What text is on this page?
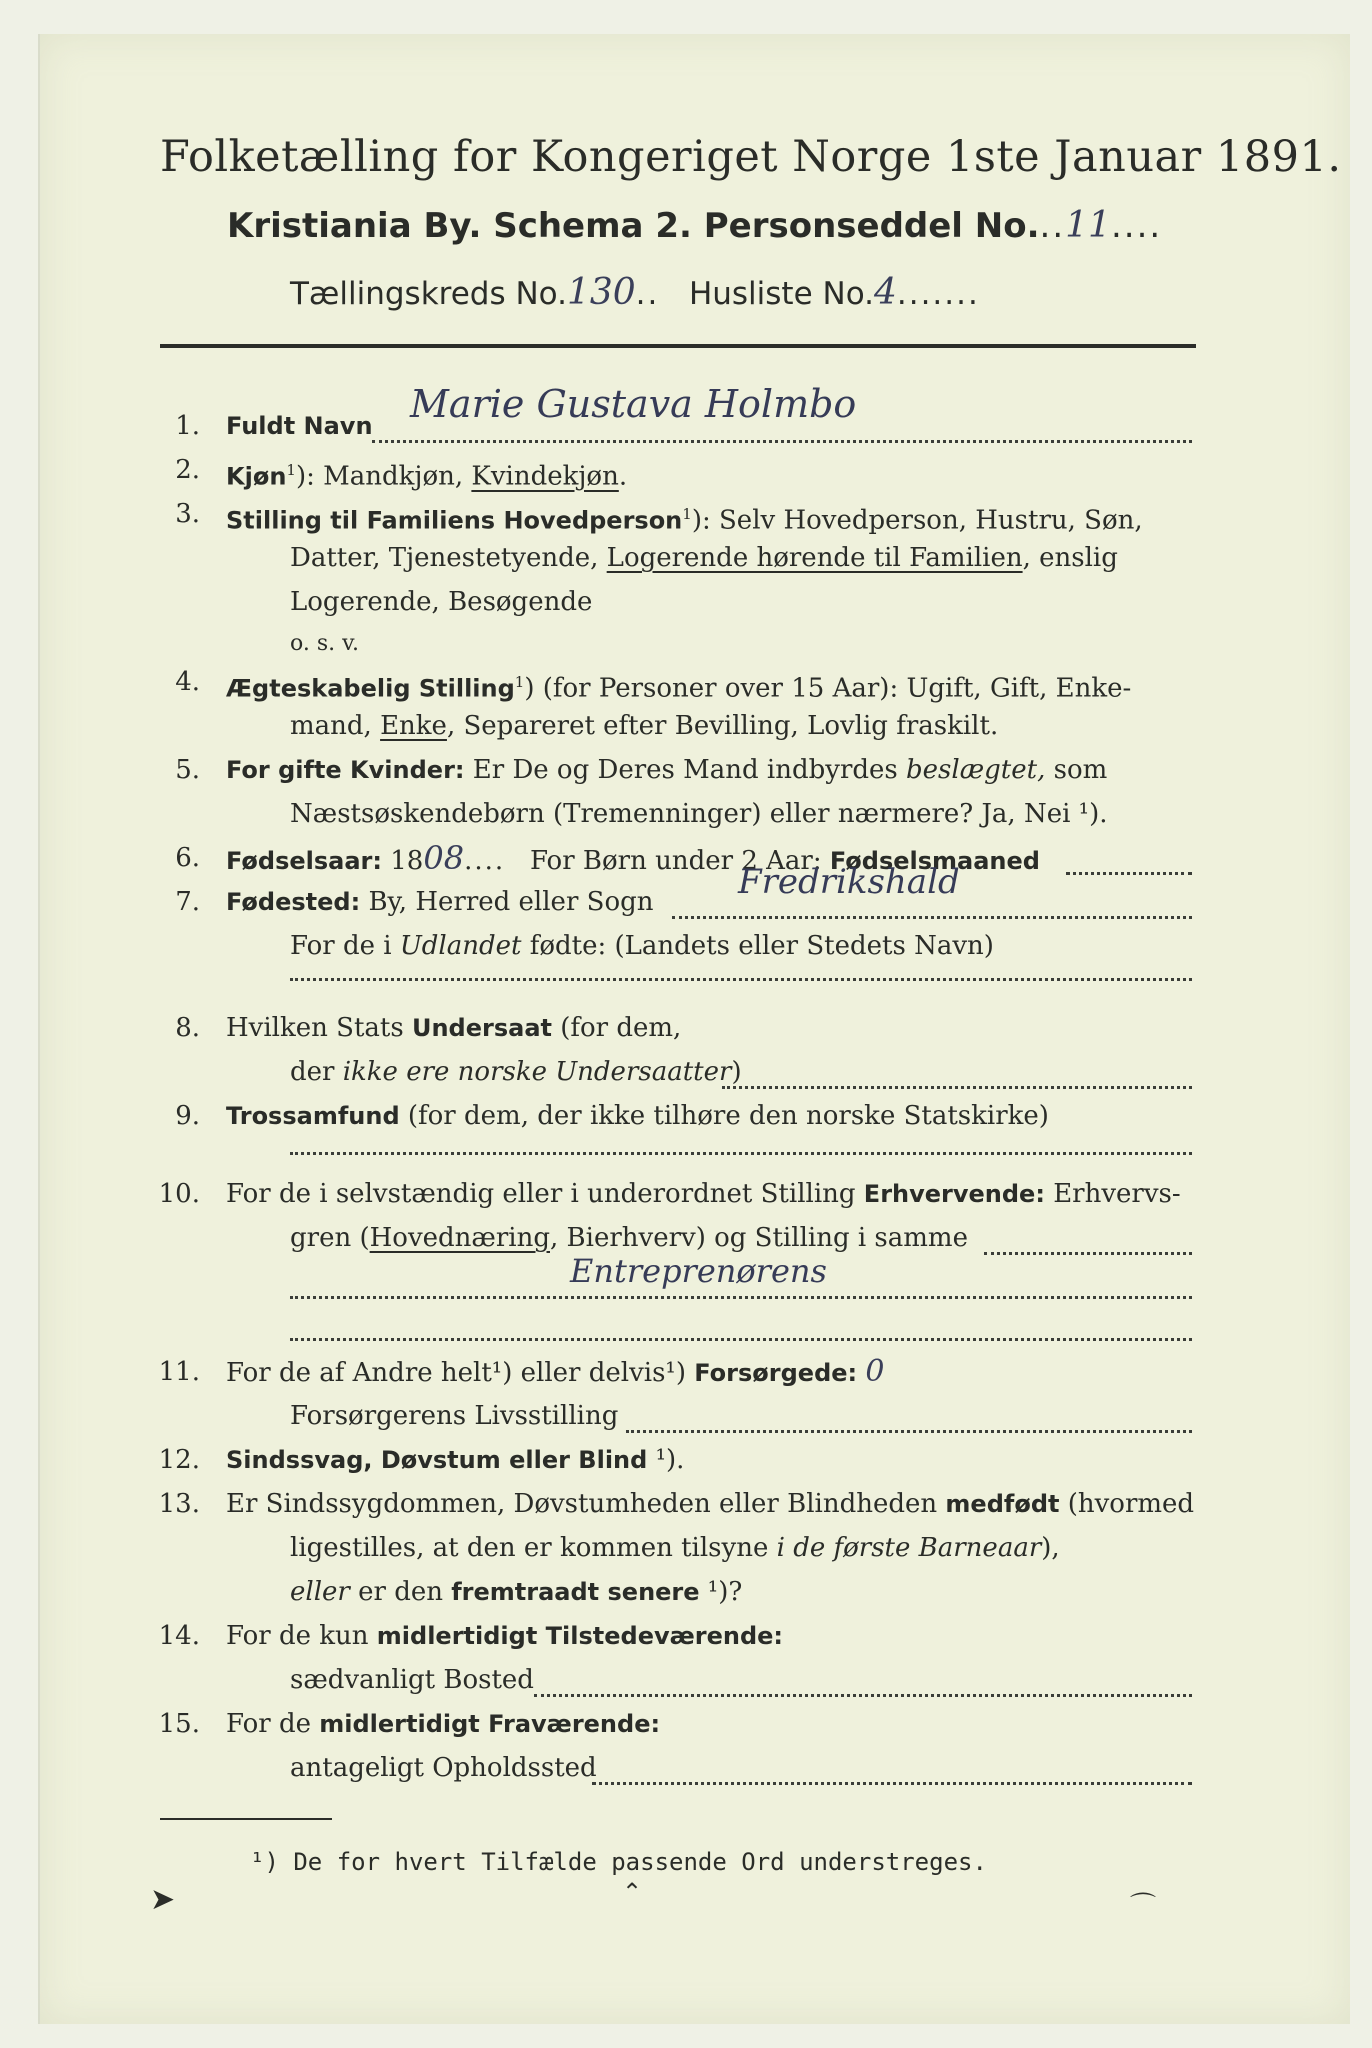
Folketælling for Kongeriget Norge 1ste Januar 1891.
Kristiania By. Schema 2. Personseddel No...11....
Tællingskreds No.130.. Husliste No.4.......
1. Fuldt Navn Marie Gustava Holmbo
2. Kjøn$^1$): Mandkjøn, Kvindekjøn.
3. Stilling til Familiens Hovedperson$^1$): Selv Hovedperson, Hustru, Søn,
Datter, Tjenestetyende, Logerende hørende til Familien, enslig
Logerende, Besøgende
o. s. v.
4. Ægteskabelig Stilling$^1$) (for Personer over 15 Aar): Ugift, Gift, Enke-
mand, Enke, Separeret efter Bevilling, Lovlig fraskilt.
5. For gifte Kvinder: Er De og Deres Mand indbyrdes beslægtet, som
Næstsøskendebørn (Tremenninger) eller nærmere? Ja, Nei ¹).
6. Fødselsaar: 1808.... For Børn under 2 Aar: Fødselsmaaned
7. Fødested: By, Herred eller Sogn Fredrikshald
For de i Udlandet fødte: (Landets eller Stedets Navn)
8. Hvilken Stats Undersaat (for dem,
der ikke ere norske Undersaatter)
9. Trossamfund (for dem, der ikke tilhøre den norske Statskirke)
10. For de i selvstændig eller i underordnet Stilling Erhvervende: Erhvervs-
gren (Hovednæring, Bierhverv) og Stilling i samme
Entreprenørens
11. For de af Andre helt¹) eller delvis¹) Forsørgede: 0
Forsørgerens Livsstilling
12. Sindssvag, Døvstum eller Blind ¹).
13. Er Sindssygdommen, Døvstumheden eller Blindheden medfødt (hvormed
ligestilles, at den er kommen tilsyne i de første Barneaar),
eller er den fremtraadt senere ¹)?
14. For de kun midlertidigt Tilstedeværende:
sædvanligt Bosted
15. For de midlertidigt Fraværende:
antageligt Opholdssted
¹) De for hvert Tilfælde passende Ord understreges.
➤	⌃	⌒
